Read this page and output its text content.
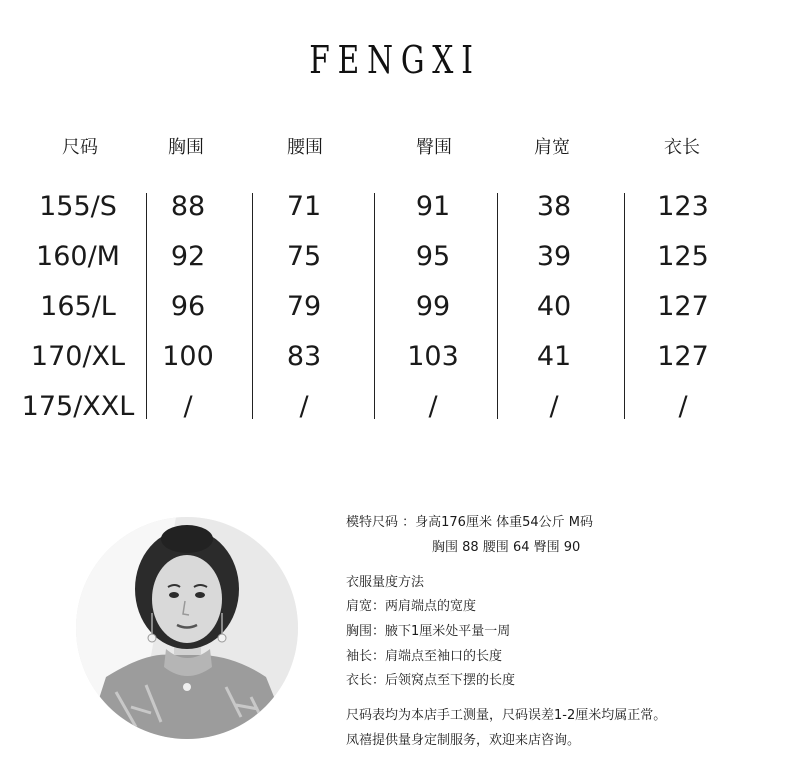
FENGXI
尺码	胸围	腰围	臀围	肩宽	衣长
155/S	88	71	91	38	123
160/M	92	75	95	39	125
165/L	96	79	99	40	127
170/XL	100	83	103	41	127
175/XXL	/	/	/	/	/
模特尺码 ：身高176厘米 体重54公斤 M码
胸围 88 腰围 64 臀围 90
衣服量度方法
肩宽：两肩端点的宽度
胸围：腋下1厘米处平量一周
袖长：肩端点至袖口的长度
衣长：后领窝点至下摆的长度
尺码表均为本店手工测量，尺码误差1-2厘米均属正常。
凤禧提供量身定制服务，欢迎来店咨询。
